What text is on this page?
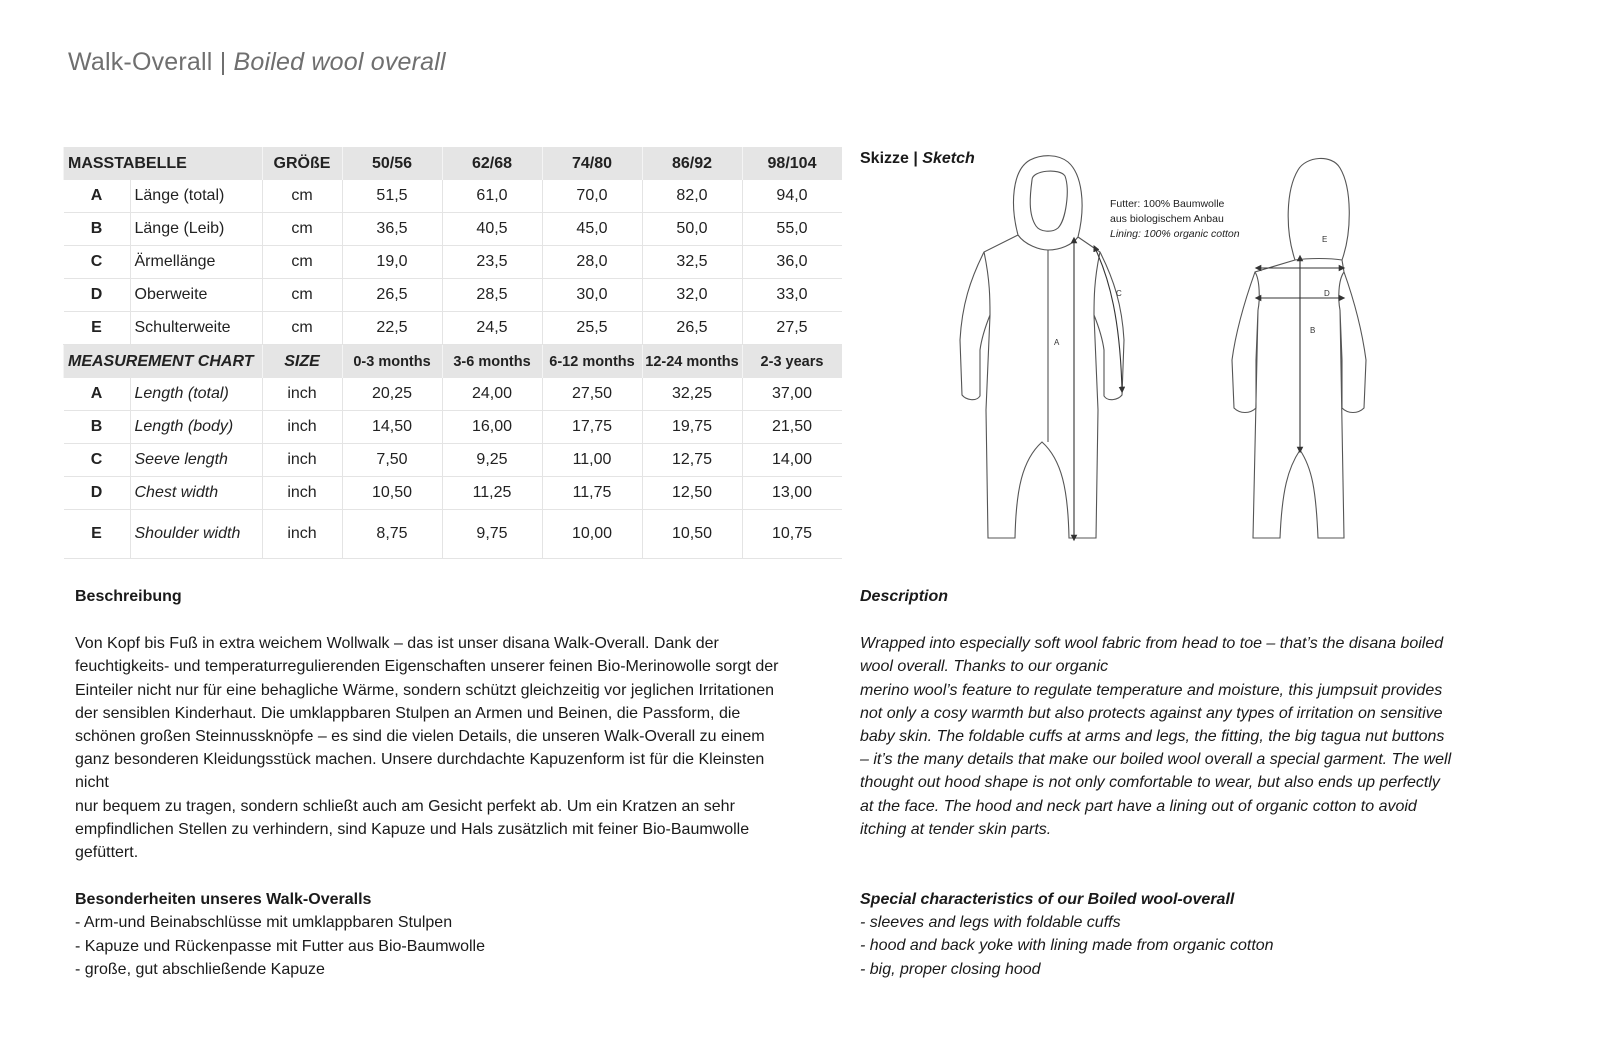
Walk-Overall | Boiled wool overall
MASSTABELLE		GRÖßE	50/56	62/68	74/80	86/92	98/104
A	Länge (total)	cm	51,5	61,0	70,0	82,0	94,0
B	Länge (Leib)	cm	36,5	40,5	45,0	50,0	55,0
C	Ärmellänge	cm	19,0	23,5	28,0	32,5	36,0
D	Oberweite	cm	26,5	28,5	30,0	32,0	33,0
E	Schulterweite	cm	22,5	24,5	25,5	26,5	27,5
MEASUREMENT CHART		SIZE	0-3 months	3-6 months	6-12 months	12-24 months	2-3 years
A	Length (total)	inch	20,25	24,00	27,50	32,25	37,00
B	Length (body)	inch	14,50	16,00	17,75	19,75	21,50
C	Seeve length	inch	7,50	9,25	11,00	12,75	14,00
D	Chest width	inch	10,50	11,25	11,75	12,50	13,00
E	Shoulder width	inch	8,75	9,75	10,00	10,50	10,75
Skizze | Sketch
A
C
E
D
B
Futter: 100% Baumwolle
aus biologischem Anbau
Lining: 100% organic cotton
Beschreibung

Von Kopf bis Fuß in extra weichem Wollwalk – das ist unser disana Walk-Overall. Dank der

feuchtigkeits- und temperaturregulierenden Eigenschaften unserer feinen Bio-Merinowolle sorgt der

Einteiler nicht nur für eine behagliche Wärme, sondern schützt gleichzeitig vor jeglichen Irritationen

der sensiblen Kinderhaut. Die umklappbaren Stulpen an Armen und Beinen, die Passform, die

schönen großen Steinnussknöpfe – es sind die vielen Details, die unseren Walk-Overall zu einem

ganz besonderen Kleidungsstück machen. Unsere durchdachte Kapuzenform ist für die Kleinsten

nicht

nur bequem zu tragen, sondern schließt auch am Gesicht perfekt ab. Um ein Kratzen an sehr

empfindlichen Stellen zu verhindern, sind Kapuze und Hals zusätzlich mit feiner Bio-Baumwolle

gefüttert.

Besonderheiten unseres Walk-Overalls
- Arm-und Beinabschlüsse mit umklappbaren Stulpen
- Kapuze und Rückenpasse mit Futter aus Bio-Baumwolle
- große, gut abschließende Kapuze
Description

Wrapped into especially soft wool fabric from head to toe – that’s the disana boiled

wool overall. Thanks to our organic

merino wool’s feature to regulate temperature and moisture, this jumpsuit provides

not only a cosy warmth but also protects against any types of irritation on sensitive

baby skin. The foldable cuffs at arms and legs, the fitting, the big tagua nut buttons

– it’s the many details that make our boiled wool overall a special garment. The well

thought out hood shape is not only comfortable to wear, but also ends up perfectly

at the face. The hood and neck part have a lining out of organic cotton to avoid

itching at tender skin parts.

Special characteristics of our Boiled wool-overall
- sleeves and legs with foldable cuffs
- hood and back yoke with lining made from organic cotton
- big, proper closing hood
